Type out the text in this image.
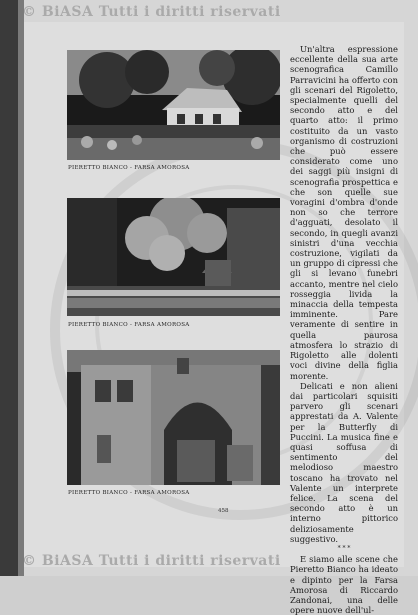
© BiASA Tutti i diritti riservati
PIERETTO BIANCO - FARSA AMOROSA
PIERETTO BIANCO - FARSA AMOROSA
PIERETTO BIANCO - FARSA AMOROSA

Un'altra espressione eccellente della sua arte scenografica Camillo Parravicini ha offerto con gli scenari del Rigoletto, specialmente quelli del secondo atto e del quarto atto: il primo costituito da un vasto organismo di costruzioni che può essere considerato come uno dei saggi più insigni di scenografia prospettica e che son quelle sue voragini d'ombra d'onde non so che terrore d'agguati, desolato il secondo, in quegli avanzi sinistri d'una vecchia costruzione, vigilati da un gruppo di cipressi che gli si levano funebri accanto, mentre nel cielo rosseggia livida la minaccia della tempesta imminente. Pare veramente di sentire in quella paurosa atmosfera lo strazio di Rigoletto alle dolenti voci divine della figlia morente.

Delicati e non alieni dai particolari squisiti parvero gli scenari apprestati da A. Valente per la Butterfly di Puccini. La musica fine e quasi soffusa di sentimento del melodioso maestro toscano ha trovato nel Valente un interprete felice. La scena del secondo atto è un interno pittorico deliziosamente suggestivo.

* * *

E siamo alle scene che Pieretto Bianco ha ideato e dipinto per la Farsa Amorosa di Riccardo Zandonai, una delle opere nuove dell'ul-

458
© BiASA Tutti i diritti riservati
